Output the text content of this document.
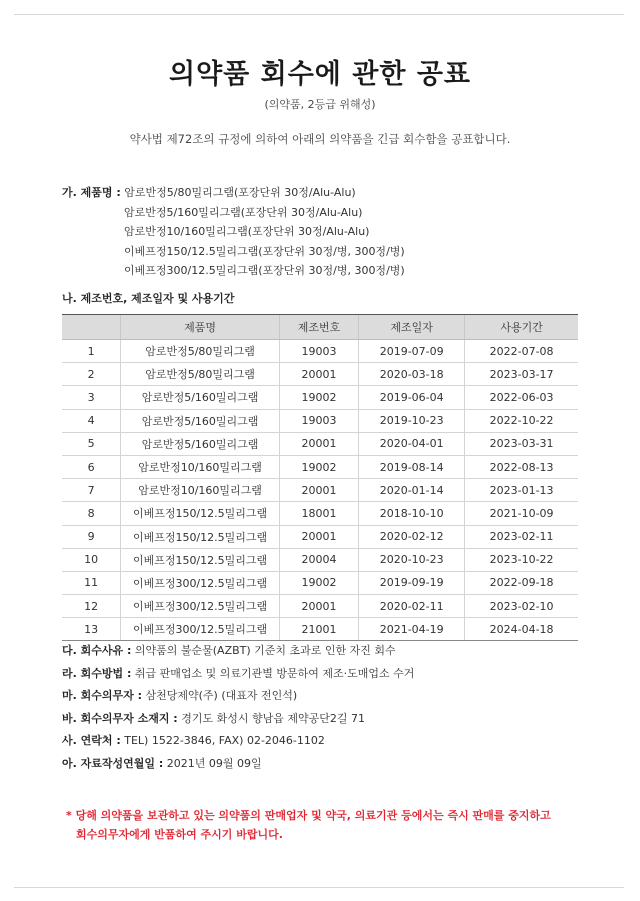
의약품 회수에 관한 공표
(의약품, 2등급 위해성)
약사법 제72조의 규정에 의하여 아래의 의약품을 긴급 회수함을 공표합니다.
가. 제품명 : 암로반정5/80밀리그램(포장단위 30정/Alu-Alu)
암로반정5/160밀리그램(포장단위 30정/Alu-Alu)
암로반정10/160밀리그램(포장단위 30정/Alu-Alu)
이베프정150/12.5밀리그램(포장단위 30정/병, 300정/병)
이베프정300/12.5밀리그램(포장단위 30정/병, 300정/병)
나. 제조번호, 제조일자 및 사용기간
	제품명	제조번호	제조일자	사용기간
1	암로반정5/80밀리그램	19003	2019-07-09	2022-07-08
2	암로반정5/80밀리그램	20001	2020-03-18	2023-03-17
3	암로반정5/160밀리그램	19002	2019-06-04	2022-06-03
4	암로반정5/160밀리그램	19003	2019-10-23	2022-10-22
5	암로반정5/160밀리그램	20001	2020-04-01	2023-03-31
6	암로반정10/160밀리그램	19002	2019-08-14	2022-08-13
7	암로반정10/160밀리그램	20001	2020-01-14	2023-01-13
8	이베프정150/12.5밀리그램	18001	2018-10-10	2021-10-09
9	이베프정150/12.5밀리그램	20001	2020-02-12	2023-02-11
10	이베프정150/12.5밀리그램	20004	2020-10-23	2023-10-22
11	이베프정300/12.5밀리그램	19002	2019-09-19	2022-09-18
12	이베프정300/12.5밀리그램	20001	2020-02-11	2023-02-10
13	이베프정300/12.5밀리그램	21001	2021-04-19	2024-04-18
다. 회수사유 : 의약품의 불순물(AZBT) 기준치 초과로 인한 자진 회수
라. 회수방법 : 취급 판매업소 및 의료기관별 방문하여 제조·도매업소 수거
마. 회수의무자 : 삼천당제약(주) (대표자 전인석)
바. 회수의무자 소재지 : 경기도 화성시 향남읍 제약공단2길 71
사. 연락처 : TEL) 1522-3846, FAX) 02-2046-1102
아. 자료작성연월일 : 2021년 09월 09일
* 당해 의약품을 보관하고 있는 의약품의 판매업자 및 약국, 의료기관 등에서는 즉시 판매를 중지하고
회수의무자에게 반품하여 주시기 바랍니다.
